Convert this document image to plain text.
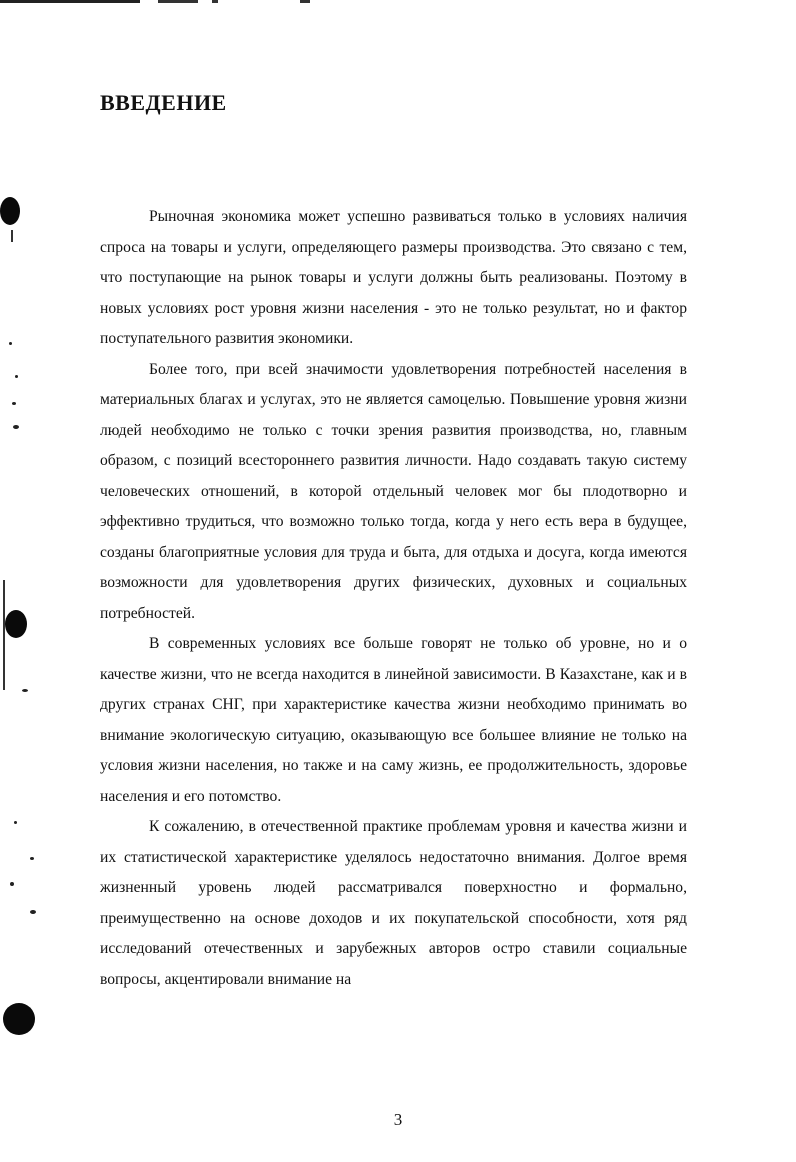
ВВЕДЕНИЕ

Рыночная экономика может успешно развиваться только в условиях наличия спроса на товары и услуги, определяющего размеры производства. Это связано с тем, что поступающие на рынок товары и услуги должны быть реализованы. Поэтому в новых условиях рост уровня жизни населения - это не только результат, но и фактор поступательного развития экономики.

Более того, при всей значимости удовлетворения потребностей населения в материальных благах и услугах, это не является самоцелью. Повышение уровня жизни людей необходимо не только с точки зрения развития производства, но, главным образом, с позиций всестороннего развития личности. Надо создавать такую систему человеческих отношений, в которой отдельный человек мог бы плодотворно и эффективно трудиться, что возможно только тогда, когда у него есть вера в будущее, созданы благоприятные условия для труда и быта, для отдыха и досуга, когда имеются возможности для удовлетворения других физических, духовных и социальных потребностей.

В современных условиях все больше говорят не только об уровне, но и о качестве жизни, что не всегда находится в линейной зависимости. В Казахстане, как и в других странах СНГ, при характеристике качества жизни необходимо принимать во внимание экологическую ситуацию, оказывающую все большее влияние не только на условия жизни населения, но также и на саму жизнь, ее продолжительность, здоровье населения и его потомство.

К сожалению, в отечественной практике проблемам уровня и качества жизни и их статистической характеристике уделялось недостаточно внимания. Долгое время жизненный уровень людей рассматривался поверхностно и формально, преимущественно на основе доходов и их покупательской способности, хотя ряд исследований отечественных и зарубежных авторов остро ставили социальные вопросы, акцентировали внимание на

3
